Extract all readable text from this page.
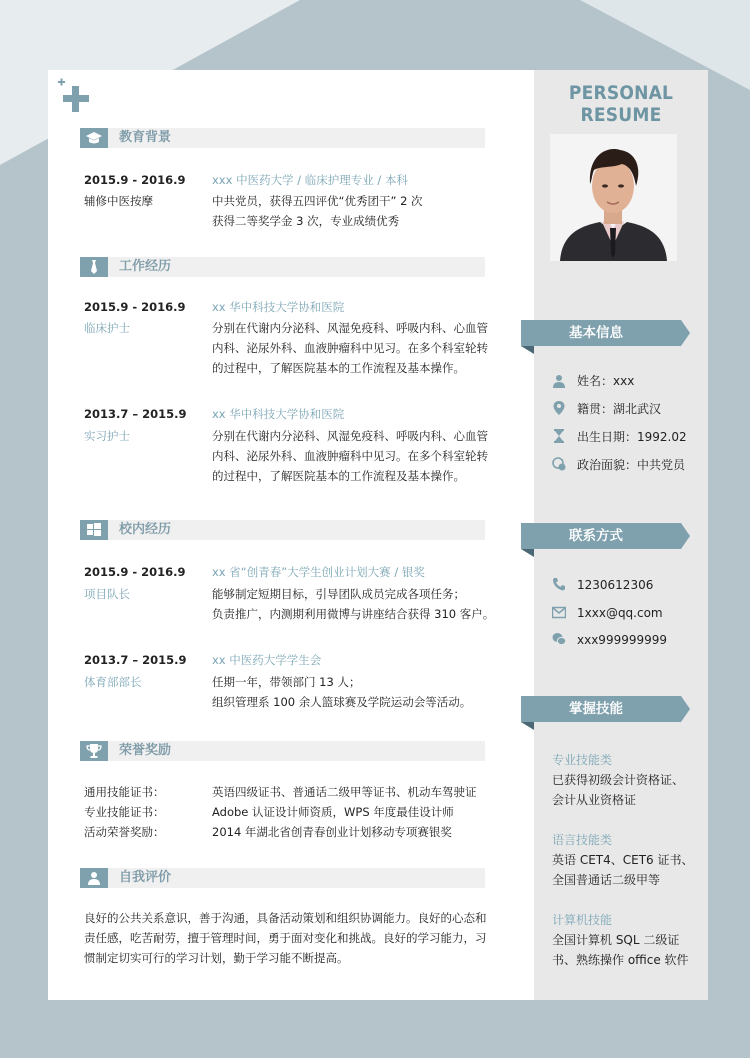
PERSONAL RESUME
教育背景
2015.9 - 2016.9 xxx 中医药大学 / 临床护理专业 / 本科
辅修中医按摩	中共党员，获得五四评优“优秀团干” 2 次
获得二等奖学金 3 次，专业成绩优秀
工作经历
2015.9 - 2016.9 xx 华中科技大学协和医院
临床护士	分别在代谢内分泌科、风湿免疫科、呼吸内科、心血管
内科、泌尿外科、血液肿瘤科中见习。在多个科室轮转
的过程中，了解医院基本的工作流程及基本操作。
2013.7 – 2015.9 xx 华中科技大学协和医院
实习护士	分别在代谢内分泌科、风湿免疫科、呼吸内科、心血管
内科、泌尿外科、血液肿瘤科中见习。在多个科室轮转
的过程中，了解医院基本的工作流程及基本操作。
校内经历
2015.9 - 2016.9 xx 省“创青春”大学生创业计划大赛 / 银奖
项目队长	能够制定短期目标，引导团队成员完成各项任务；
负责推广，内测期利用微博与讲座结合获得 310 客户。
2013.7 – 2015.9 xx 中医药大学学生会
体育部部长	任期一年，带领部门 13 人；
组织管理系 100 余人篮球赛及学院运动会等活动。
荣誉奖励
通用技能证书：	英语四级证书、普通话二级甲等证书、机动车驾驶证
专业技能证书：	Adobe 认证设计师资质，WPS 年度最佳设计师
活动荣誉奖励：	2014 年湖北省创青春创业计划移动专项赛银奖
自我评价
良好的公共关系意识，善于沟通，具备活动策划和组织协调能力。良好的心态和
责任感，吃苦耐劳，擅于管理时间，勇于面对变化和挑战。良好的学习能力，习
惯制定切实可行的学习计划，勤于学习能不断提高。
基本信息
姓名：xxx
籍贯：湖北武汉
出生日期：1992.02
政治面貌：中共党员
联系方式
1230612306
1xxx@qq.com
xxx999999999
掌握技能
专业技能类
已获得初级会计资格证、
会计从业资格证
语言技能类
英语 CET4、CET6 证书、
全国普通话二级甲等
计算机技能
全国计算机 SQL 二级证
书、熟练操作 office 软件
